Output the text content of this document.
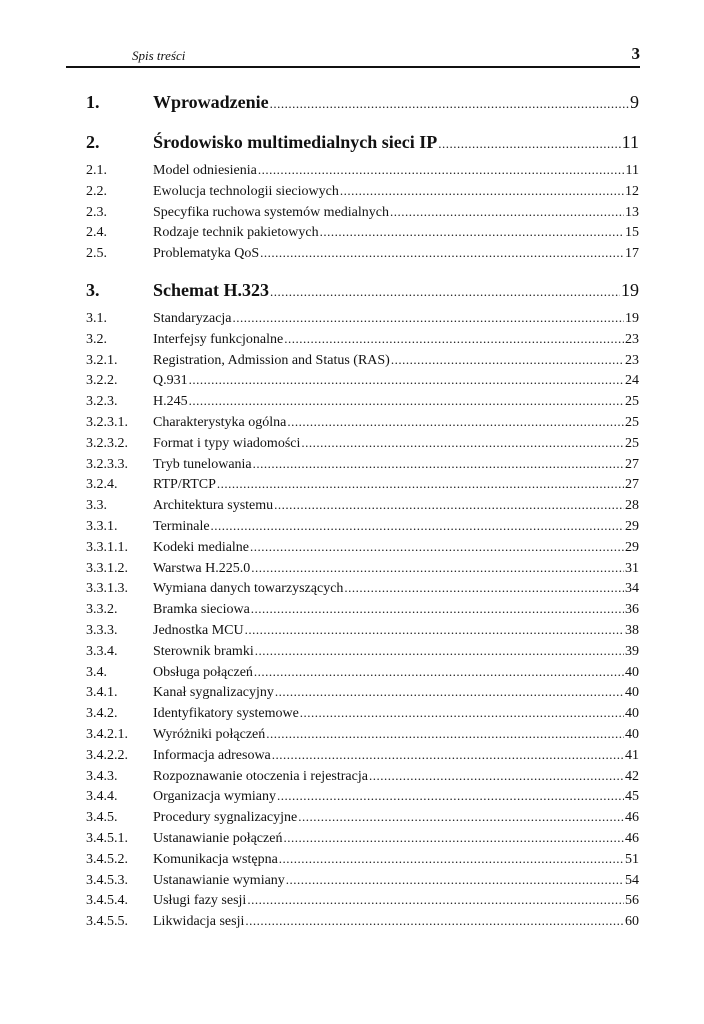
Spis treści	3
1.	Wprowadzenie .....	9
2.	Środowisko multimedialnych sieci IP .....	11
2.1.	Model odniesienia .....	11
2.2.	Ewolucja technologii sieciowych .....	12
2.3.	Specyfika ruchowa systemów medialnych .....	13
2.4.	Rodzaje technik pakietowych .....	15
2.5.	Problematyka QoS .....	17
3.	Schemat H.323 .....	19
3.1.	Standaryzacja .....	19
3.2.	Interfejsy funkcjonalne .....	23
3.2.1.	Registration, Admission and Status (RAS) .....	23
3.2.2.	Q.931 .....	24
3.2.3.	H.245 .....	25
3.2.3.1.	Charakterystyka ogólna .....	25
3.2.3.2.	Format i typy wiadomości .....	25
3.2.3.3.	Tryb tunelowania .....	27
3.2.4.	RTP/RTCP .....	27
3.3.	Architektura systemu .....	28
3.3.1.	Terminale .....	29
3.3.1.1.	Kodeki medialne .....	29
3.3.1.2.	Warstwa H.225.0 .....	31
3.3.1.3.	Wymiana danych towarzyszących .....	34
3.3.2.	Bramka sieciowa .....	36
3.3.3.	Jednostka MCU .....	38
3.3.4.	Sterownik bramki .....	39
3.4.	Obsługa połączeń .....	40
3.4.1.	Kanał sygnalizacyjny .....	40
3.4.2.	Identyfikatory systemowe .....	40
3.4.2.1.	Wyróżniki połączeń .....	40
3.4.2.2.	Informacja adresowa .....	41
3.4.3.	Rozpoznawanie otoczenia i rejestracja .....	42
3.4.4.	Organizacja wymiany .....	45
3.4.5.	Procedury sygnalizacyjne .....	46
3.4.5.1.	Ustanawianie połączeń .....	46
3.4.5.2.	Komunikacja wstępna .....	51
3.4.5.3.	Ustanawianie wymiany .....	54
3.4.5.4.	Usługi fazy sesji .....	56
3.4.5.5.	Likwidacja sesji .....	60
